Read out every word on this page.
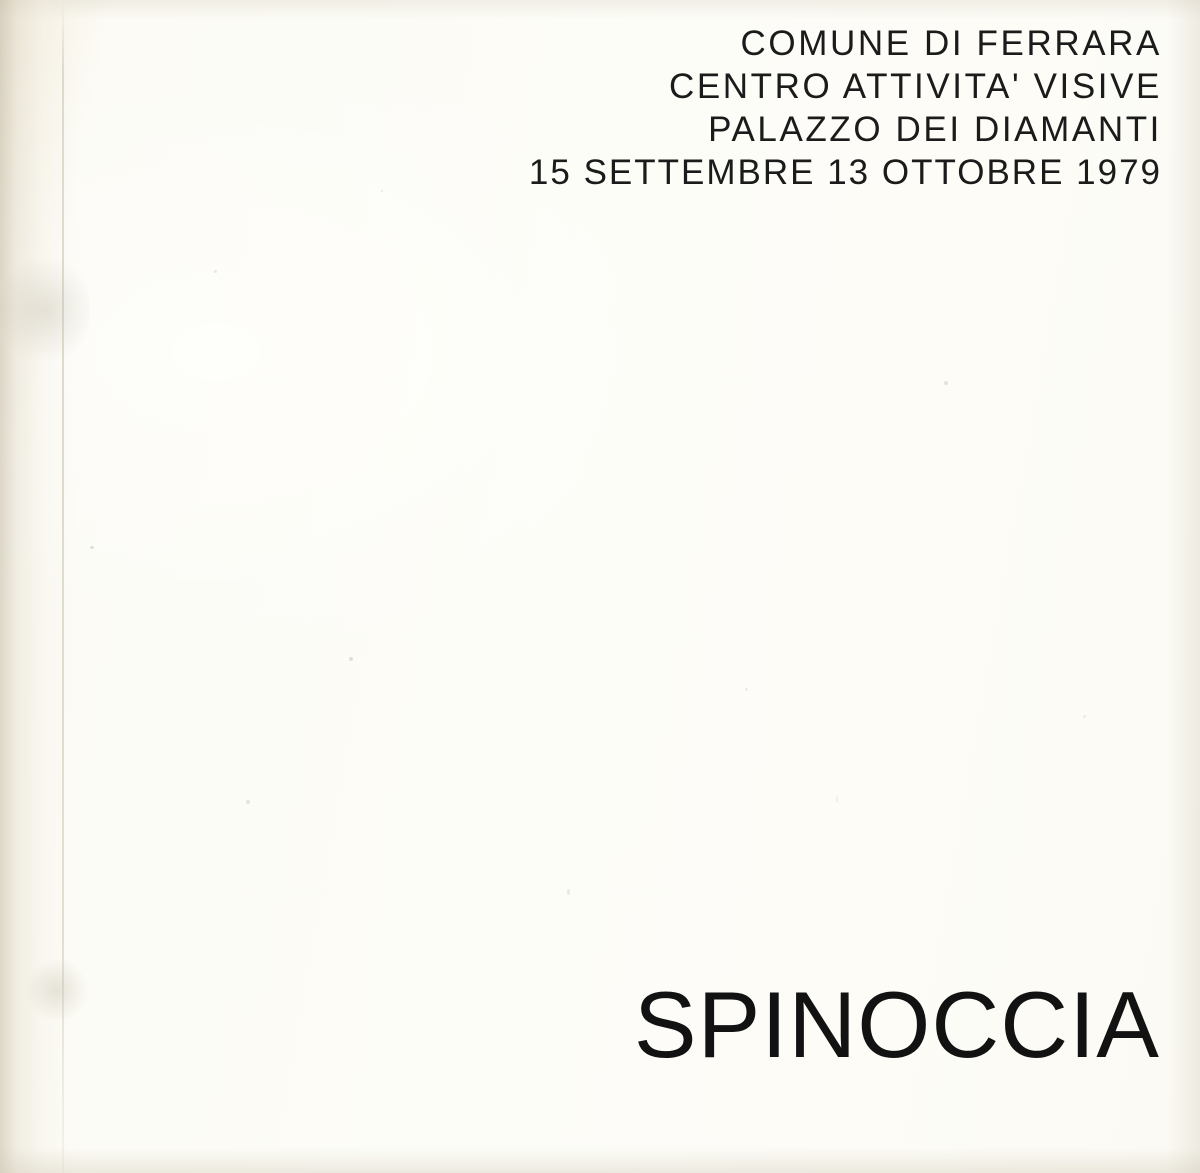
COMUNE DI FERRARA
CENTRO ATTIVITA' VISIVE
PALAZZO DEI DIAMANTI
15 SETTEMBRE 13 OTTOBRE 1979
SPINOCCIA
